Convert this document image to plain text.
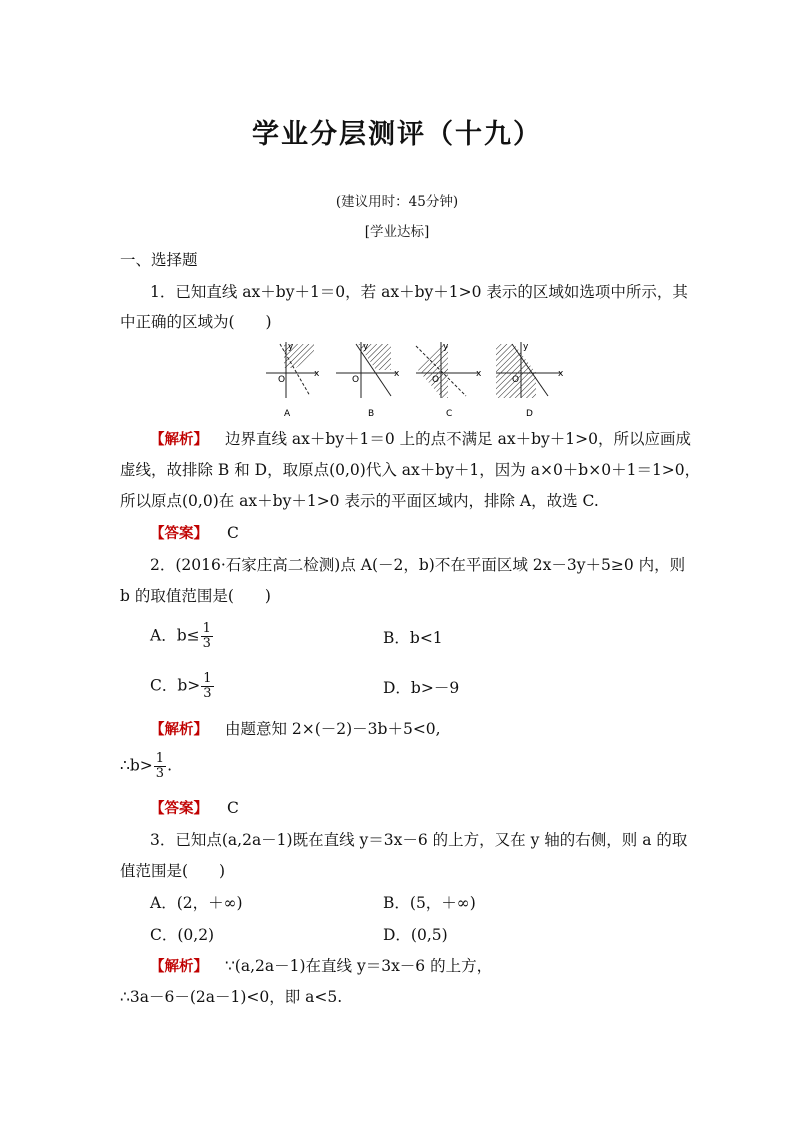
学业分层测评（十九）
(建议用时：45分钟)
[学业达标]
一、选择题
1．已知直线 ax＋by＋1＝0，若 ax＋by＋1>0 表示的区域如选项中所示，其
中正确的区域为(　　)
O
x
y
A
O
x
y
B
O
x
y
C
O
x
y
D
【解析】 边界直线 ax＋by＋1＝0 上的点不满足 ax＋by＋1>0，所以应画成
虚线，故排除 B 和 D，取原点(0,0)代入 ax＋by＋1，因为 a×0＋b×0＋1＝1>0，
所以原点(0,0)在 ax＋by＋1>0 表示的平面区域内，排除 A，故选 C.
【答案】 C
2．(2016·石家庄高二检测)点 A(－2，b)不在平面区域 2x－3y＋5≥0 内，则
b 的取值范围是(　　)
A．$b\le \frac{1}{3}$	B．b<1
C．$b> \frac{1}{3}$	D．b>－9
【解析】 由题意知 2×(－2)－3b＋5<0,
∴b> $\frac{1}{3}$ .
【答案】 C
3．已知点(a,2a－1)既在直线 y＝3x－6 的上方，又在 y 轴的右侧，则 a 的取
值范围是(　　)
A．(2，＋∞)	B．(5，＋∞)
C．(0,2)	D．(0,5)
【解析】 ∵(a,2a－1)在直线 y＝3x－6 的上方，
∴3a－6－(2a－1)<0，即 a<5.
